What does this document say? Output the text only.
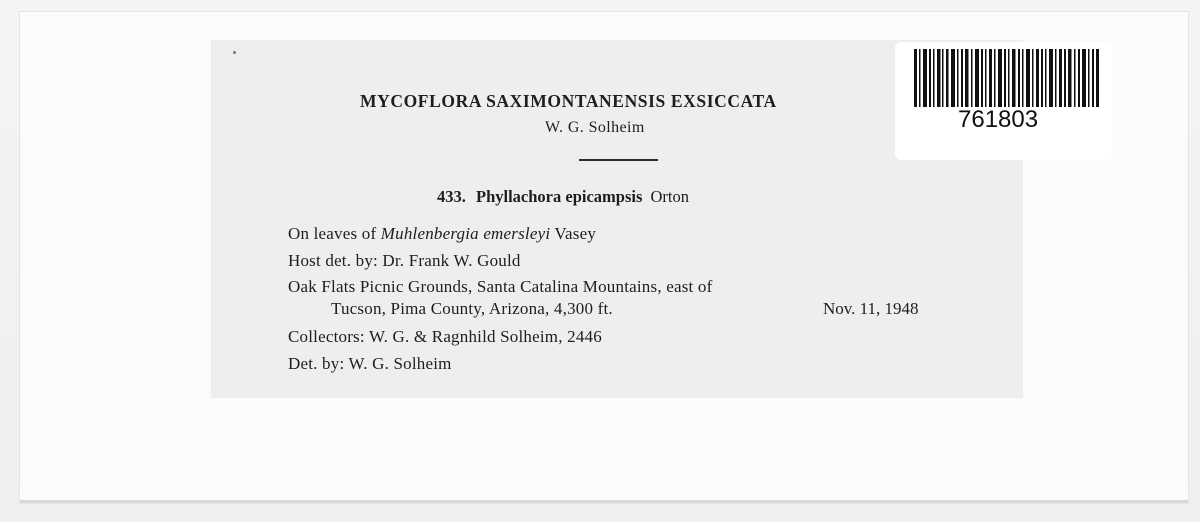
MYCOFLORA SAXIMONTANENSIS EXSICCATA
W. G. Solheim
433. Phyllachora epicampsis Orton
On leaves of Muhlenbergia emersleyi Vasey
Host det. by: Dr. Frank W. Gould
Oak Flats Picnic Grounds, Santa Catalina Mountains, east of
Tucson, Pima County, Arizona, 4,300 ft.	Nov. 11, 1948
Collectors: W. G. & Ragnhild Solheim, 2446
Det. by: W. G. Solheim
761803
